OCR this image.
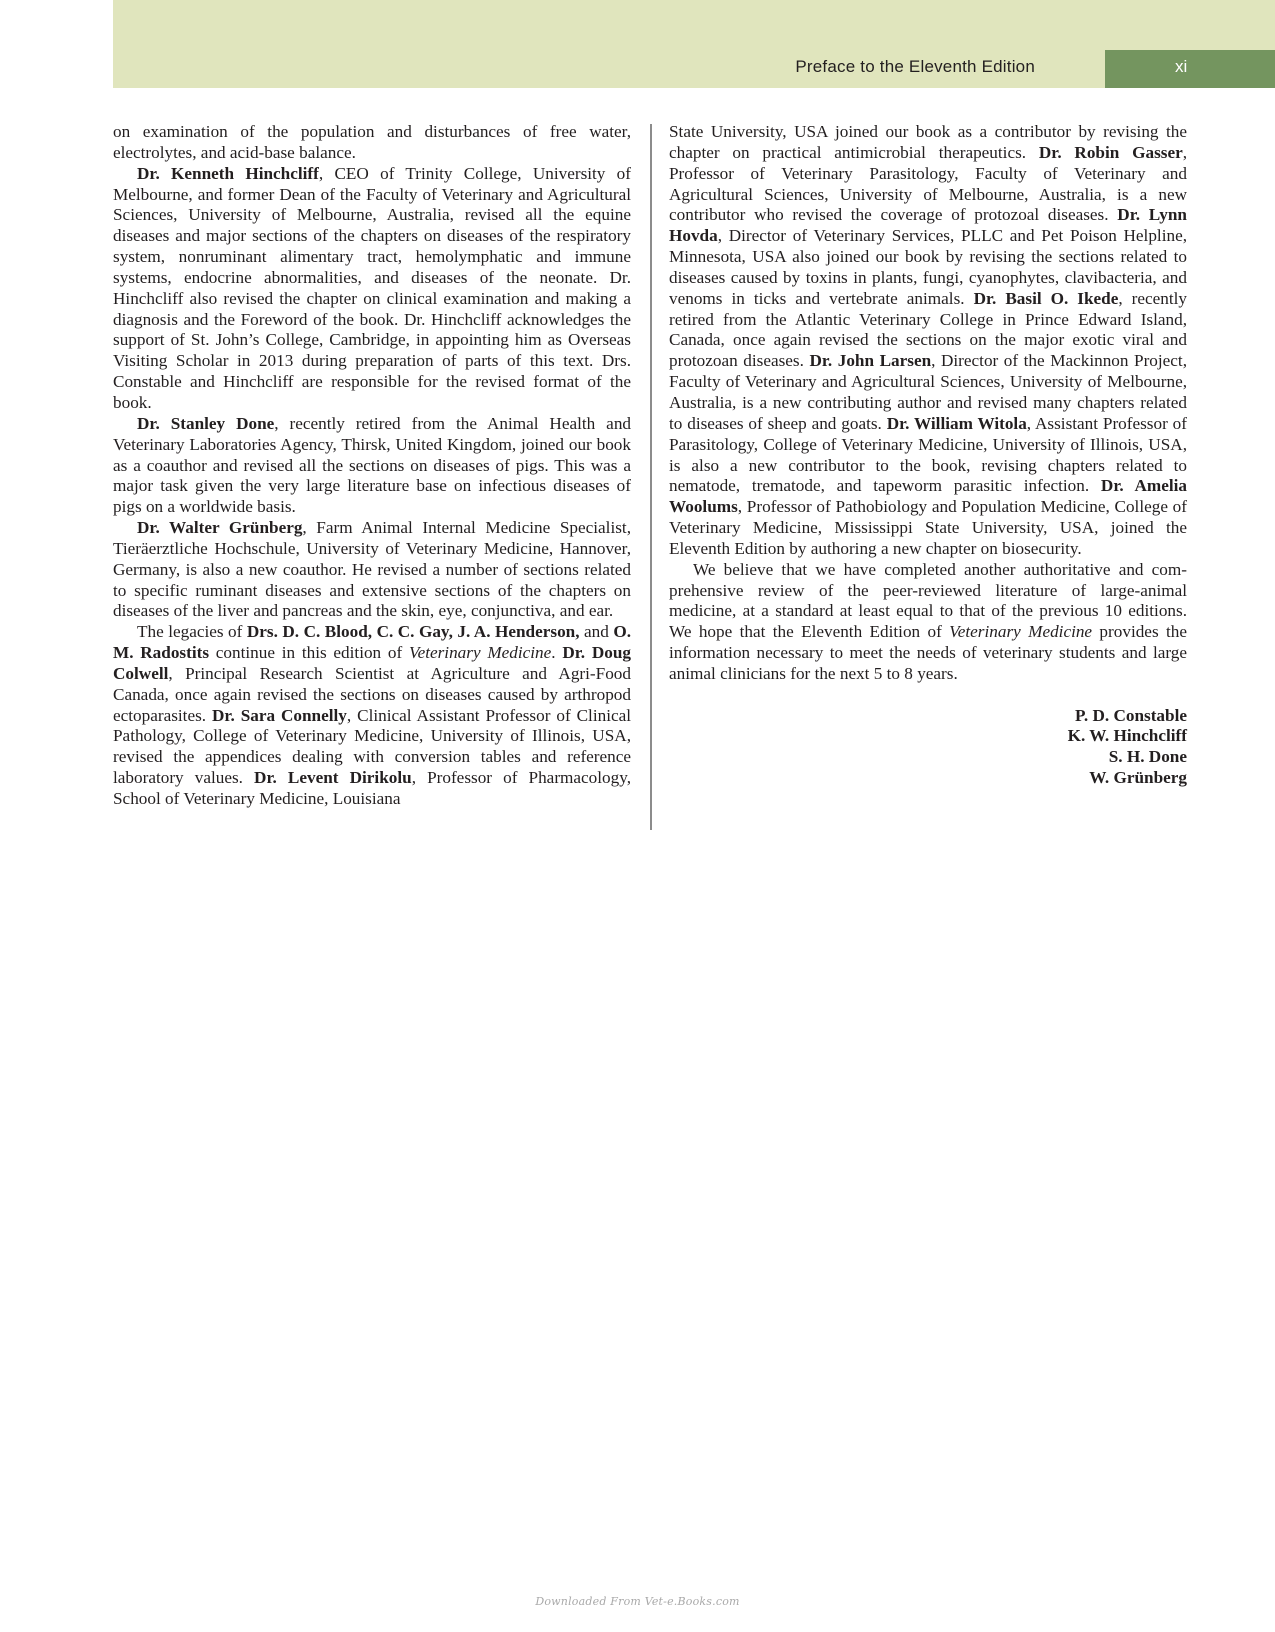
Preface to the Eleventh Edition	xi

on examination of the population and disturbances of free water, electrolytes, and acid-base balance.

Dr. Kenneth Hinchcliff, CEO of Trinity College, University of Melbourne, and former Dean of the Faculty of Veterinary and Agricultural Sciences, University of Melbourne, Australia, revised all the equine diseases and major sections of the chapters on diseases of the respiratory system, nonruminant alimentary tract, hemolymphatic and immune systems, endocrine abnormalities, and diseases of the neonate. Dr. Hinchcliff also revised the chapter on clinical examination and making a diagnosis and the Foreword of the book. Dr. Hinchcliff acknowledges the support of St. John’s College, Cambridge, in appointing him as Overseas Visiting Scholar in 2013 during preparation of parts of this text. Drs. Constable and Hinchcliff are responsible for the revised format of the book.

Dr. Stanley Done, recently retired from the Animal Health and Veterinary Laboratories Agency, Thirsk, United Kingdom, joined our book as a coauthor and revised all the sections on diseases of pigs. This was a major task given the very large literature base on infectious diseases of pigs on a worldwide basis.

Dr. Walter Grünberg, Farm Animal Internal Medicine Specialist, Tieräerztliche Hochschule, University of Veterinary Medicine, Hannover, Germany, is also a new coauthor. He revised a number of sections related to specific ruminant diseases and extensive sections of the chapters on diseases of the liver and pancreas and the skin, eye, conjunctiva, and ear.

The legacies of Drs. D. C. Blood, C. C. Gay, J. A. Henderson, and O. M. Radostits continue in this edition of Veterinary Medicine. Dr. Doug Colwell, Principal Research Scientist at Agriculture and Agri-Food Canada, once again revised the sections on diseases caused by arthropod ectoparasites. Dr. Sara Connelly, Clinical Assistant Professor of Clinical Pathology, College of Veterinary Medicine, University of Illinois, USA, revised the appendices dealing with conversion tables and reference laboratory values. Dr. Levent Dirikolu, Professor of Pharmacology, School of Veterinary Medicine, Louisiana

State University, USA joined our book as a contributor by revising the chapter on practical antimicrobial therapeutics. Dr. Robin Gasser, Professor of Veterinary Parasitology, Faculty of Veterinary and Agricultural Sciences, University of Melbourne, Australia, is a new contributor who revised the coverage of protozoal diseases. Dr. Lynn Hovda, Director of Veterinary Services, PLLC and Pet Poison Helpline, Minnesota, USA also joined our book by revising the sections related to diseases caused by toxins in plants, fungi, cyanophytes, clavibacteria, and venoms in ticks and vertebrate animals. Dr. Basil O. Ikede, recently retired from the Atlantic Veterinary College in Prince Edward Island, Canada, once again revised the sections on the major exotic viral and protozoan diseases. Dr. John Larsen, Director of the Mackinnon Project, Faculty of Veterinary and Agricultural Sciences, University of Melbourne, Australia, is a new contributing author and revised many chapters related to diseases of sheep and goats. Dr. William Witola, Assistant Professor of Parasitology, College of Veterinary Medicine, University of Illinois, USA, is also a new contributor to the book, revising chapters related to nematode, trematode, and tapeworm parasitic infection. Dr. Amelia Woolums, Professor of Pathobiology and Population Medicine, College of Veterinary Medicine, Mississippi State University, USA, joined the Eleventh Edition by authoring a new chapter on biosecurity.

We believe that we have completed another authoritative and comprehensive review of the peer-reviewed literature of large-animal medicine, at a standard at least equal to that of the previous 10 editions. We hope that the Eleventh Edition of Veterinary Medicine provides the information necessary to meet the needs of veterinary students and large animal clinicians for the next 5 to 8 years.

P. D. Constable
K. W. Hinchcliff
S. H. Done
W. Grünberg
Downloaded From Vet-e.Books.com
